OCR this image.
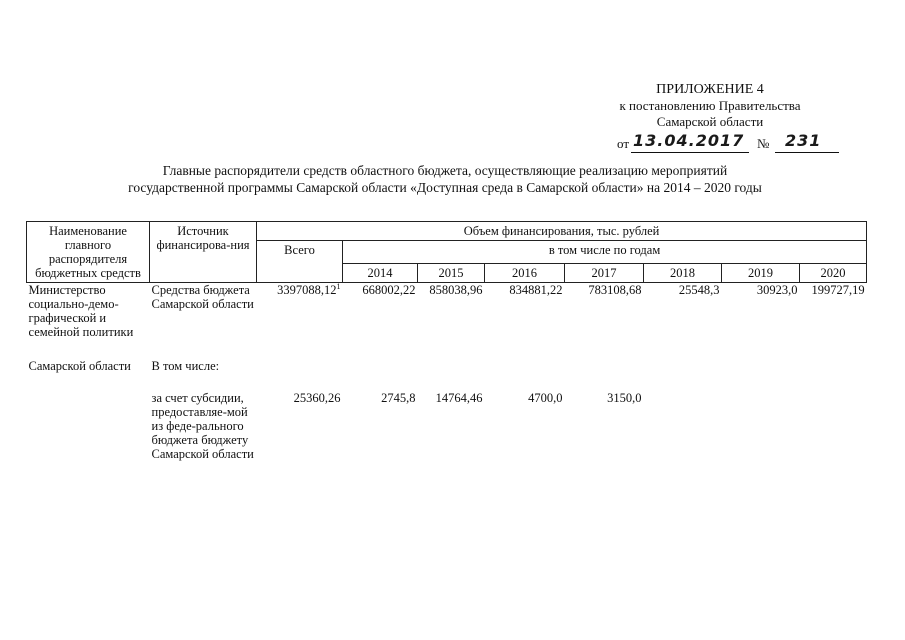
ПРИЛОЖЕНИЕ 4
к постановлению Правительства
Самарской области
от 13.04.2017 № 231
Главные распорядители средств областного бюджета, осуществляющие реализацию мероприятий
государственной программы Самарской области «Доступная среда в Самарской области» на 2014 – 2020 годы
Наименование главного распорядителя бюджетных средств	Источник финансирова-ния	Объем финансирования, тыс. рублей							
		Всего	в том числе по годам						
			2014	2015	2016	2017	2018	2019	2020
Министерство социально-демо-графической и семейной политики	Средства бюджета Самарской области	3397088,12$^1$	668002,22	858038,96	834881,22	783108,68	25548,3	30923,0	199727,19
Самарской области	В том числе:								
	за счет субсидии, предоставляе-мой из феде-рального бюджета бюджету Самарской области	25360,26	2745,8	14764,46	4700,0	3150,0			
